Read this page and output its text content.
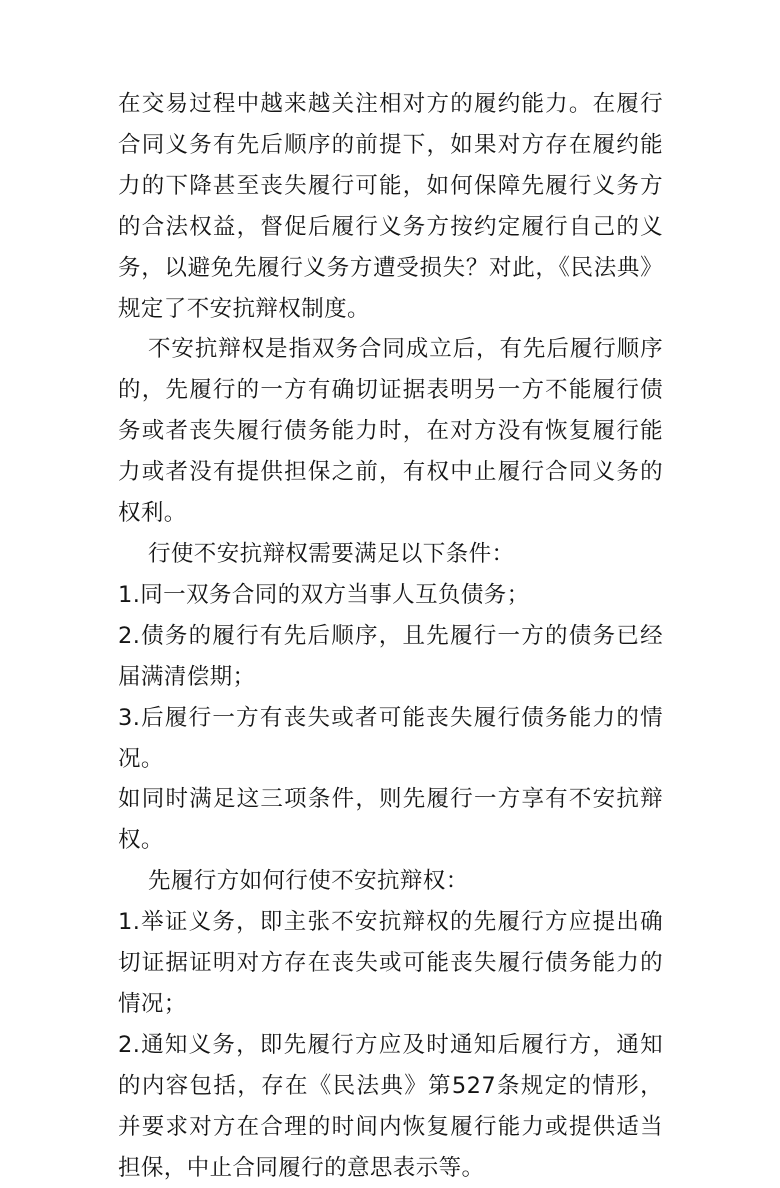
在交易过程中越来越关注相对方的履约能力。在履行合同义务有先后顺序的前提下，如果对方存在履约能力的下降甚至丧失履行可能，如何保障先履行义务方的合法权益，督促后履行义务方按约定履行自己的义务，以避免先履行义务方遭受损失？对此，《民法典》规定了不安抗辩权制度。

不安抗辩权是指双务合同成立后，有先后履行顺序的，先履行的一方有确切证据表明另一方不能履行债务或者丧失履行债务能力时，在对方没有恢复履行能力或者没有提供担保之前，有权中止履行合同义务的权利。

行使不安抗辩权需要满足以下条件：

1.同一双务合同的双方当事人互负债务；

2.债务的履行有先后顺序，且先履行一方的债务已经届满清偿期；

3.后履行一方有丧失或者可能丧失履行债务能力的情况。

如同时满足这三项条件，则先履行一方享有不安抗辩权。

先履行方如何行使不安抗辩权：

1.举证义务，即主张不安抗辩权的先履行方应提出确切证据证明对方存在丧失或可能丧失履行债务能力的情况；

2.通知义务，即先履行方应及时通知后履行方，通知的内容包括，存在《民法典》第527条规定的情形，并要求对方在合理的时间内恢复履行能力或提供适当担保，中止合同履行的意思表示等。
